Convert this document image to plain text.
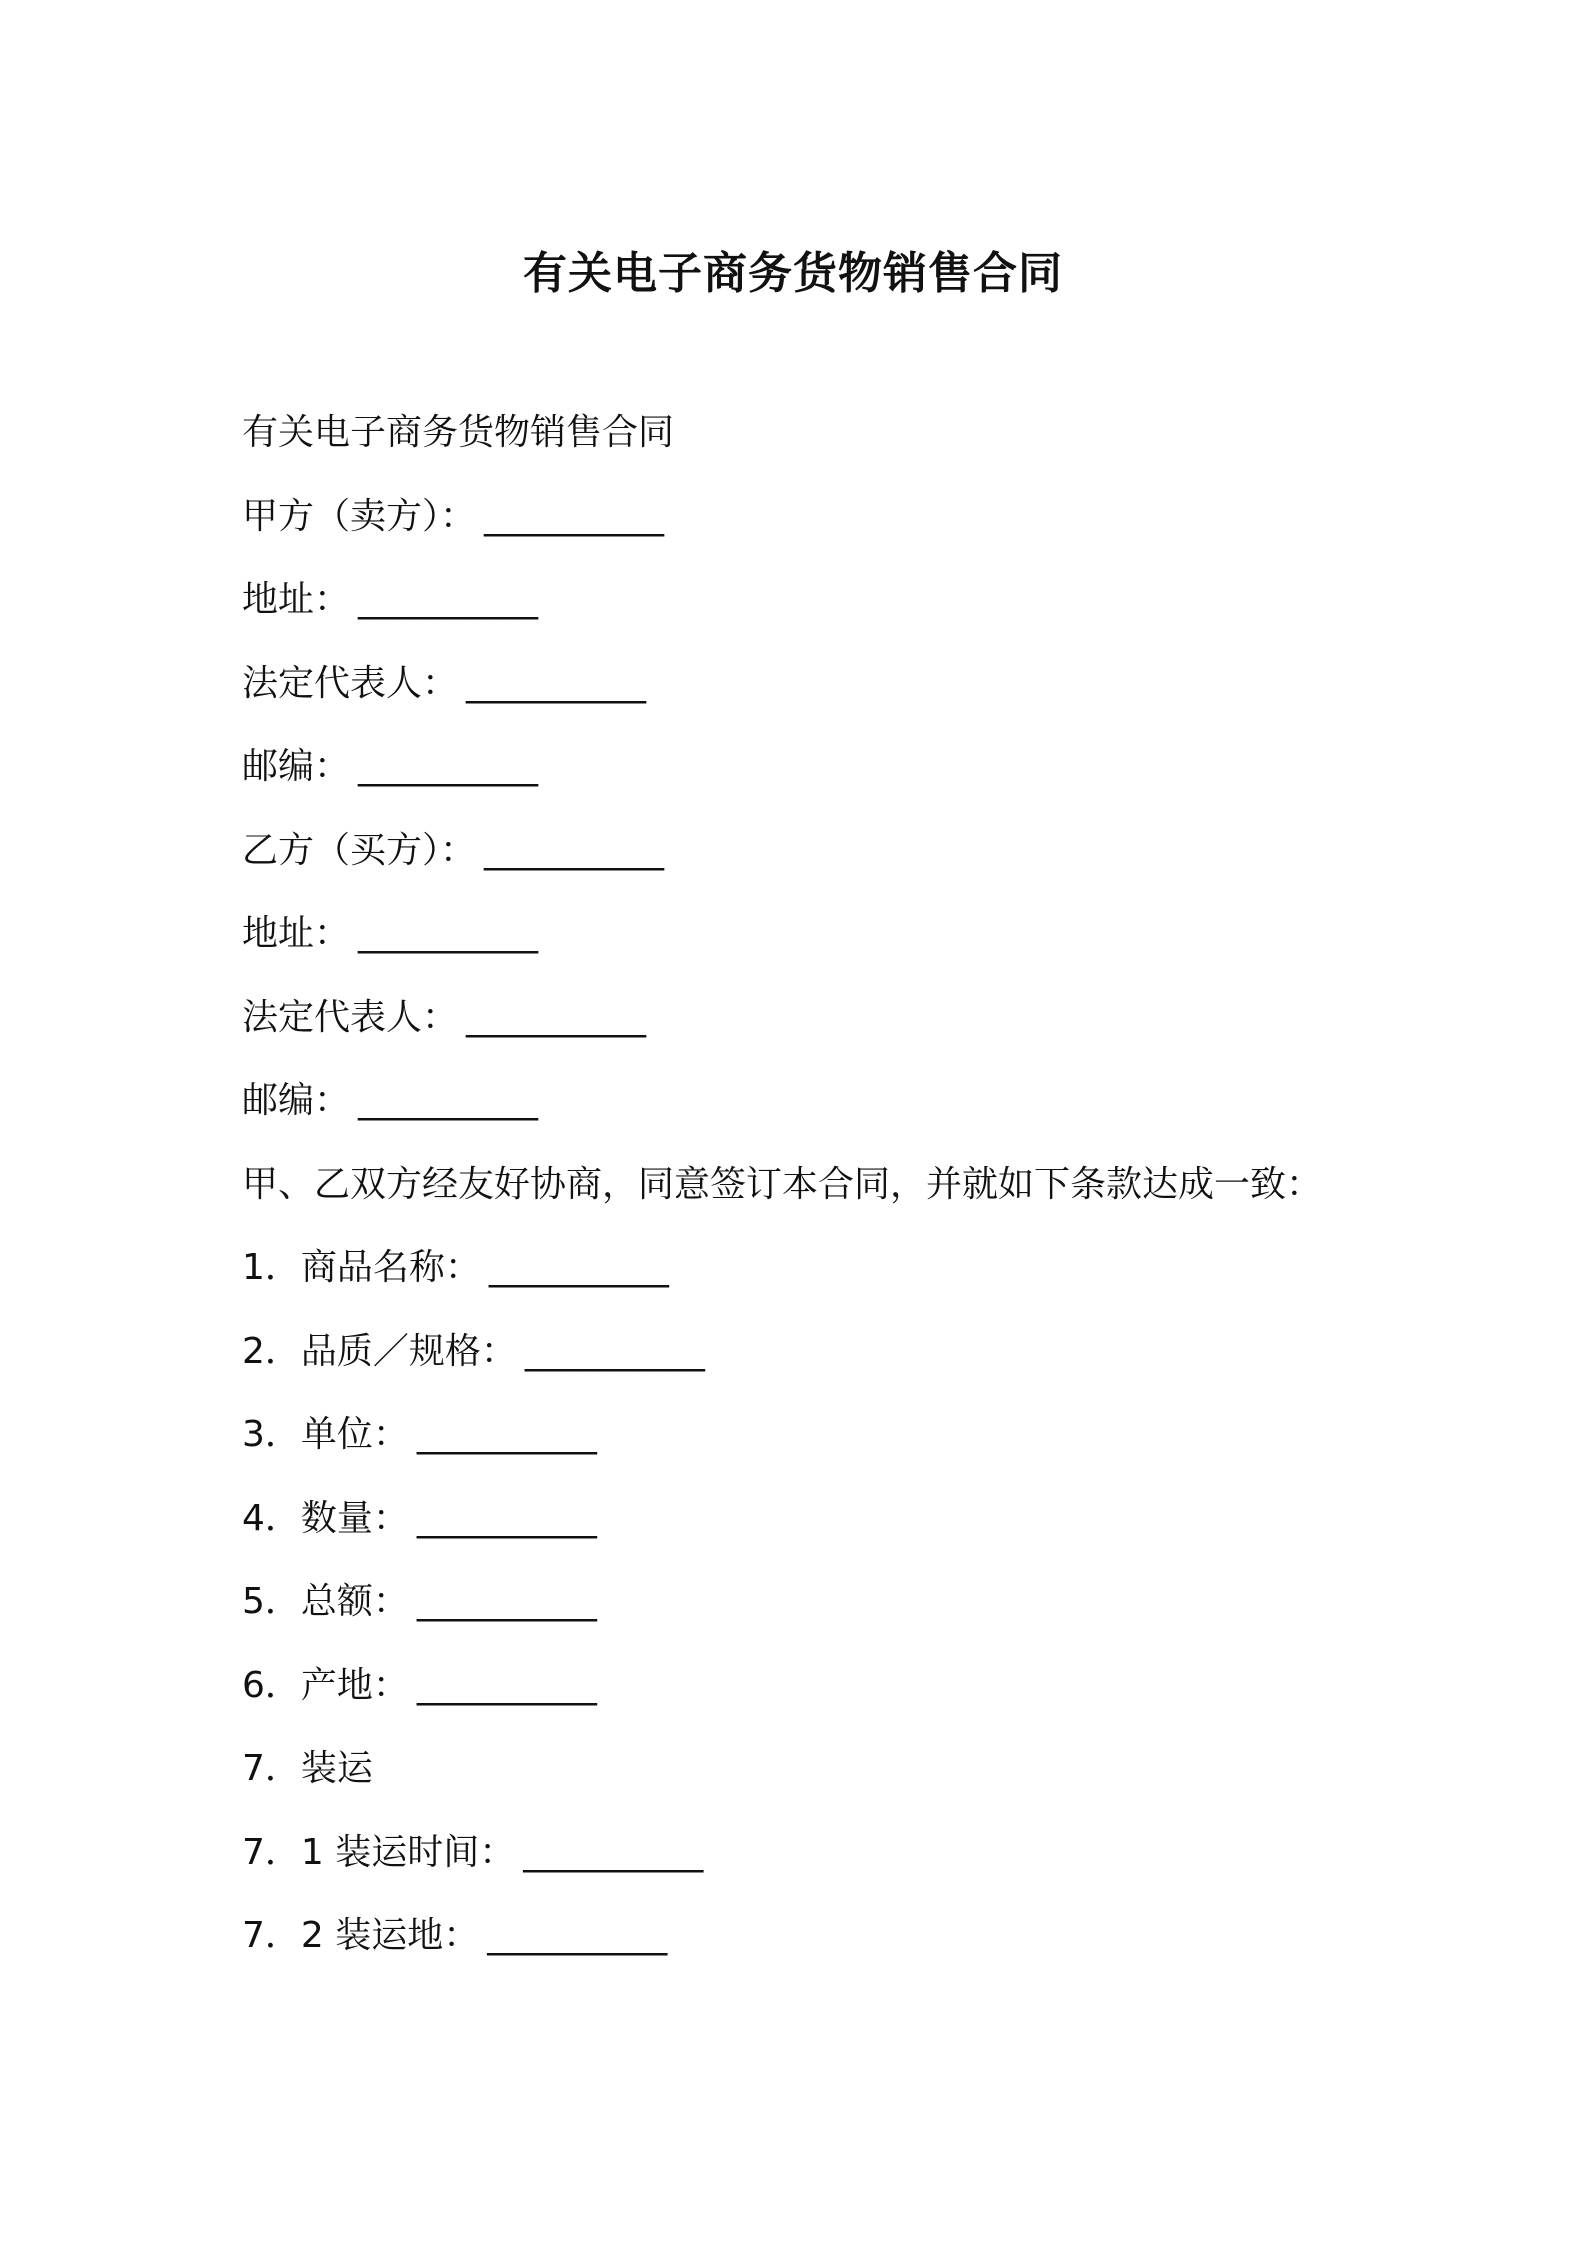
有关电子商务货物销售合同
有关电子商务货物销售合同
甲方（卖方）： __________
地址： __________
法定代表人： __________
邮编： __________
乙方（买方）： __________
地址： __________
法定代表人： __________
邮编： __________
甲、乙双方经友好协商，同意签订本合同，并就如下条款达成一致：
1．商品名称： __________
2．品质／规格： __________
3．单位： __________
4．数量： __________
5．总额： __________
6．产地： __________
7．装运
7．1 装运时间： __________
7．2 装运地： __________
